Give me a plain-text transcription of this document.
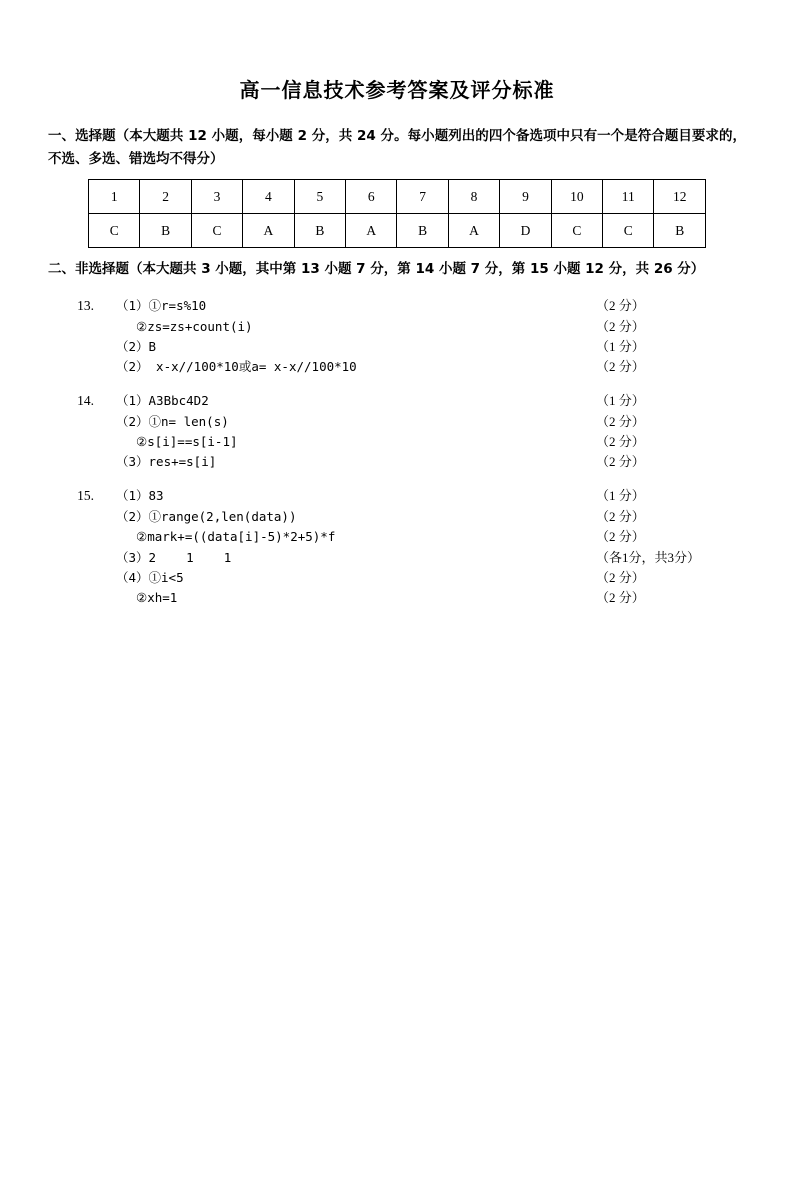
高一信息技术参考答案及评分标准
一、选择题（本大题共 12 小题，每小题 2 分，共 24 分。每小题列出的四个备选项中只有一个是符合题目要求的，不选、多选、错选均不得分）
1	2	3	4	5	6	7	8	9	10	11	12
C	B	C	A	B	A	B	A	D	C	C	B
二、非选择题（本大题共 3 小题，其中第 13 小题 7 分，第 14 小题 7 分，第 15 小题 12 分，共 26 分）
13.	（1）①r=s%10	（2 分）
②zs=zs+count(i)	（2 分）
（2）B	（1 分）
（2） x-x//100*10或a= x-x//100*10	（2 分）
14.	（1）A3Bbc4D2	（1 分）
（2）①n= len(s)	（2 分）
②s[i]==s[i-1]	（2 分）
（3）res+=s[i]	（2 分）
15.	（1）83	（1 分）
（2）①range(2,len(data))	（2 分）
②mark+=((data[i]-5)*2+5)*f	（2 分）
（3）2    1    1	（各1分，共3分）
（4）①i<5	（2 分）
②xh=1	（2 分）
